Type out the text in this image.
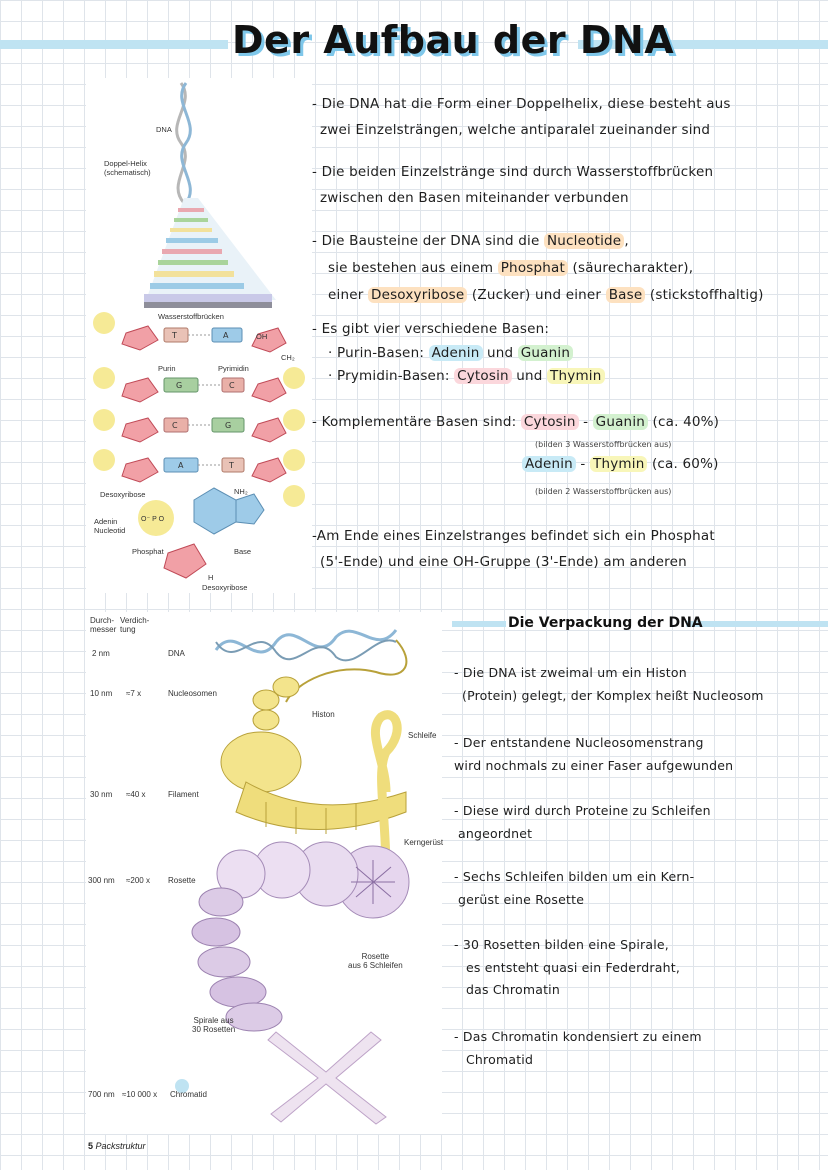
Der Aufbau der DNA
O⁻ P O
T	A
G	C
C	G
A	T
DNA
Doppel-Helix
(schematisch)
Wasserstoffbrücken
Purin	Pyrimidin
Desoxyribose	NH₂
OH
CH₂
H
Adenin
Nucleotid
Phosphat	Base
Desoxyribose
- Die DNA hat die Form einer Doppelhelix, diese besteht aus
zwei Einzelsträngen, welche antiparalel zueinander sind
- Die beiden Einzelstränge sind durch Wasserstoffbrücken
zwischen den Basen miteinander verbunden
- Die Bausteine der DNA sind die Nucleotide ,
sie bestehen aus einem Phosphat (säurecharakter),
einer Desoxyribose (Zucker) und einer Base (stickstoffhaltig)
- Es gibt vier verschiedene Basen:
· Purin-Basen: Adenin und Guanin
· Prymidin-Basen: Cytosin und Thymin
- Komplementäre Basen sind: Cytosin - Guanin (ca. 40%)
(bilden 3 Wasserstoffbrücken aus)
Adenin - Thymin (ca. 60%)
(bilden 2 Wasserstoffbrücken aus)
-Am Ende eines Einzelstranges befindet sich ein Phosphat
(5'-Ende) und eine OH-Gruppe (3'-Ende) am anderen
Die Verpackung der DNA
Durch-
messer
Verdich-
tung
2 nm	DNA
10 nm ≈7 x	Nucleosomen
30 nm ≈40 x	Filament
300 nm ≈200 x Rosette
700 nm ≈10 000 x Chromatid
Histon
Schleife
Kerngerüst
Rosette
aus 6 Schleifen
Spirale aus
30 Rosetten
5 Packstruktur
- Die DNA ist zweimal um ein Histon
(Protein) gelegt, der Komplex heißt Nucleosom
- Der entstandene Nucleosomenstrang
wird nochmals zu einer Faser aufgewunden
- Diese wird durch Proteine zu Schleifen
angeordnet
- Sechs Schleifen bilden um ein Kern-
gerüst eine Rosette
- 30 Rosetten bilden eine Spirale,
es entsteht quasi ein Federdraht,
das Chromatin
- Das Chromatin kondensiert zu einem
Chromatid
